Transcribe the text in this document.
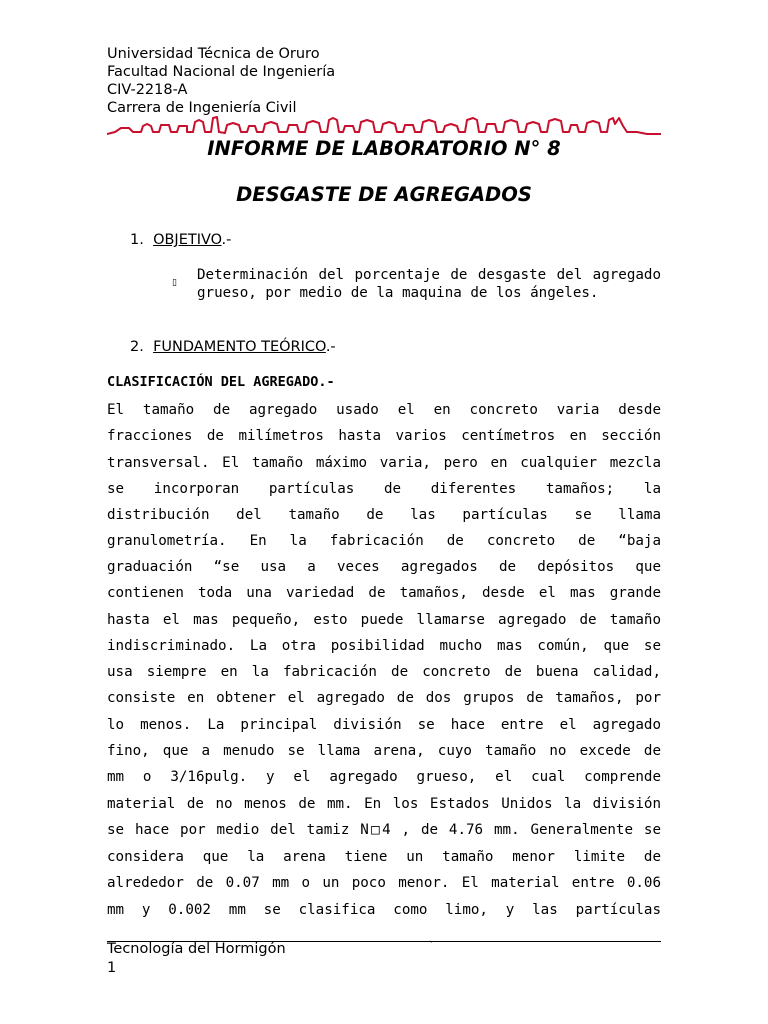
Universidad Técnica de Oruro
Facultad Nacional de Ingeniería
CIV-2218-A
Carrera de Ingeniería Civil
INFORME DE LABORATORIO N° 8
DESGASTE DE AGREGADOS
1. OBJETIVO.-
▯ Determinación del porcentaje de desgaste del agregado grueso, por medio de la maquina de los ángeles.
2. FUNDAMENTO TEÓRICO.-
CLASIFICACIÓN DEL AGREGADO.-
El tamaño de agregado usado el en concreto varia desde
fracciones de milímetros hasta varios centímetros en sección
transversal. El tamaño máximo varia, pero en cualquier mezcla
se incorporan partículas de diferentes tamaños; la
distribución del tamaño de las partículas se llama
granulometría. En la fabricación de concreto de “baja
graduación “se usa a veces agregados de depósitos que
contienen toda una variedad de tamaños, desde el mas grande
hasta el mas pequeño, esto puede llamarse agregado de tamaño
indiscriminado. La otra posibilidad mucho mas común, que se
usa siempre en la fabricación de concreto de buena calidad,
consiste en obtener el agregado de dos grupos de tamaños, por
lo menos. La principal división se hace entre el agregado
fino, que a menudo se llama arena, cuyo tamaño no excede de
mm o 3/16pulg. y el agregado grueso, el cual comprende
material de no menos de mm. En los Estados Unidos la división
se hace por medio del tamiz N□4 , de 4.76 mm. Generalmente se
considera que la arena tiene un tamaño menor limite de
alrededor de 0.07 mm o un poco menor. El material entre 0.06
mm y 0.002 mm se clasifica como limo, y las partículas
`
Tecnología del Hormigón
1
